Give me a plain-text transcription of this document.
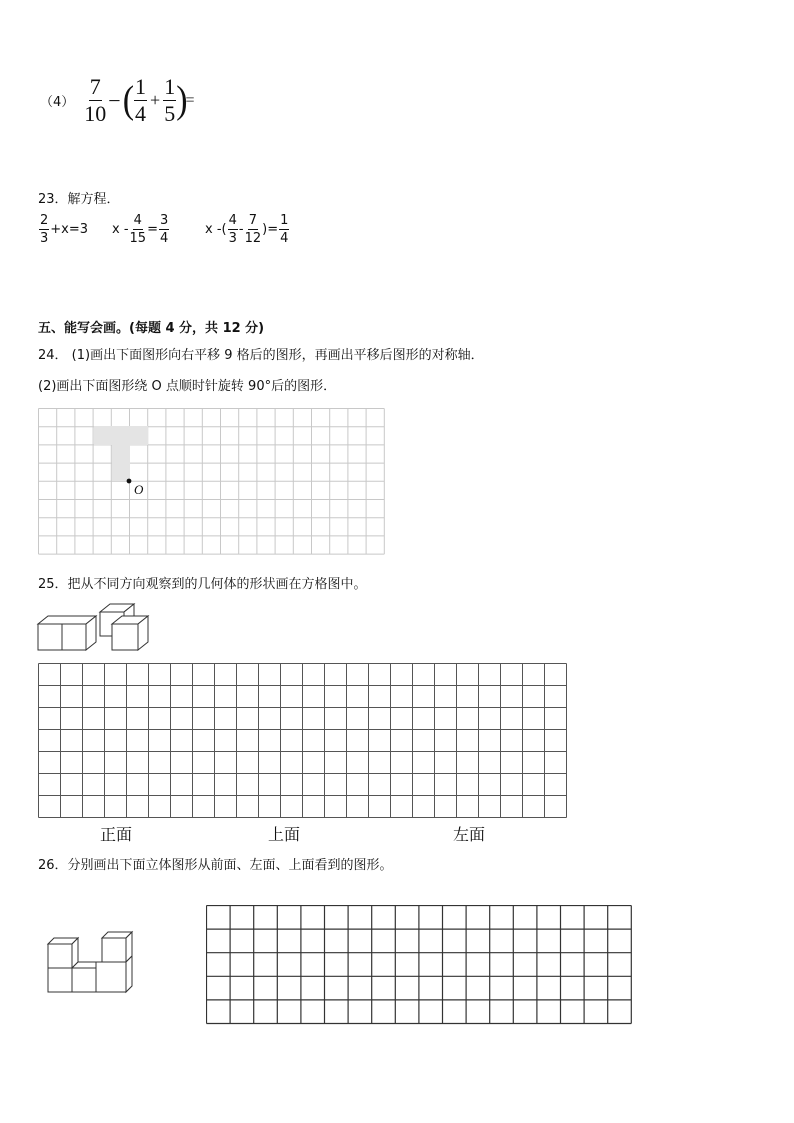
$(4) \frac{7}{10}$ − ( $\frac{1}{4} + \frac{1}{5}$ )
=
23．解方程．
$\frac{2}{3} +x=3$ $x - \frac{4}{15} = \frac{3}{4}$	x -( $\frac{4}{3} - \frac{7}{12}$ )= $\frac{1}{4}$
五、能写会画。(每题 4 分，共 12 分)
24． (1)画出下面图形向右平移 9 格后的图形，再画出平移后图形的对称轴．
(2)画出下面图形绕 O 点顺时针旋转 90°后的图形．
O
25．把从不同方向观察到的几何体的形状画在方格图中。
正面	上面	左面
26．分别画出下面立体图形从前面、左面、上面看到的图形。
